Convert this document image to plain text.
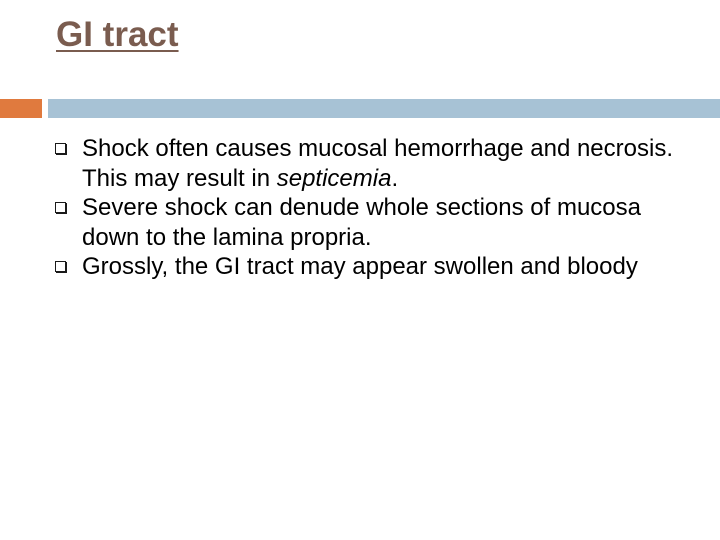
GI tract
Shock often causes mucosal hemorrhage and necrosis. This may result in septicemia.
Severe shock can denude whole sections of mucosa down to the lamina propria.
Grossly, the GI tract may appear swollen and bloody
